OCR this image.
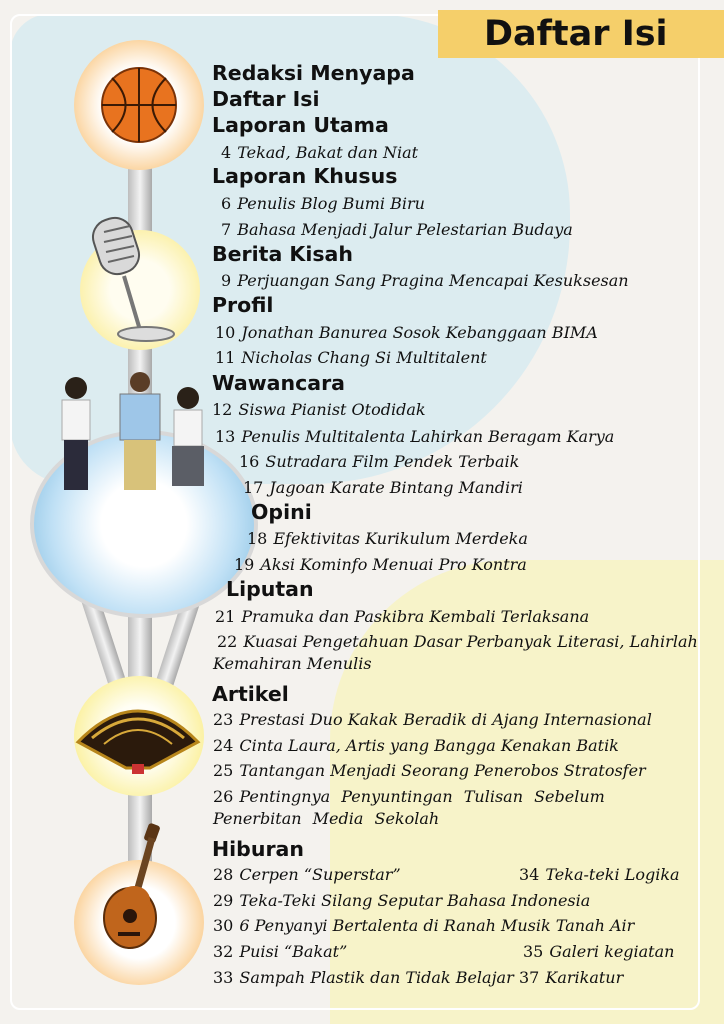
Daftar Isi
Redaksi Menyapa
Daftar Isi
Laporan Utama
4 Tekad, Bakat dan Niat
Laporan Khusus
6 Penulis Blog Bumi Biru
7 Bahasa Menjadi Jalur Pelestarian Budaya
Berita Kisah
9 Perjuangan Sang Pragina Mencapai Kesuksesan
Profil
10 Jonathan Banurea Sosok Kebanggaan BIMA
11 Nicholas Chang Si Multitalent
Wawancara
12 Siswa Pianist Otodidak
13 Penulis Multitalenta Lahirkan Beragam Karya
16 Sutradara Film Pendek Terbaik
17 Jagoan Karate Bintang Mandiri
Opini
18 Efektivitas Kurikulum Merdeka
19 Aksi Kominfo Menuai Pro Kontra
Liputan
21 Pramuka dan Paskibra Kembali Terlaksana
22 Kuasai Pengetahuan Dasar Perbanyak Literasi, Lahirlah Kemahiran Menulis
Artikel
23 Prestasi Duo Kakak Beradik di Ajang Internasional
24 Cinta Laura, Artis yang Bangga Kenakan Batik
25 Tantangan Menjadi Seorang Penerobos Stratosfer
26 Pentingnya Penyuntingan Tulisan Sebelum Penerbitan Media Sekolah
Hiburan
28 Cerpen “Superstar”
29 Teka-Teki Silang Seputar Bahasa Indonesia
30 6 Penyanyi Bertalenta di Ranah Musik Tanah Air
32 Puisi “Bakat”
33 Sampah Plastik dan Tidak Belajar
34 Teka-teki Logika
35 Galeri kegiatan
37 Karikatur
